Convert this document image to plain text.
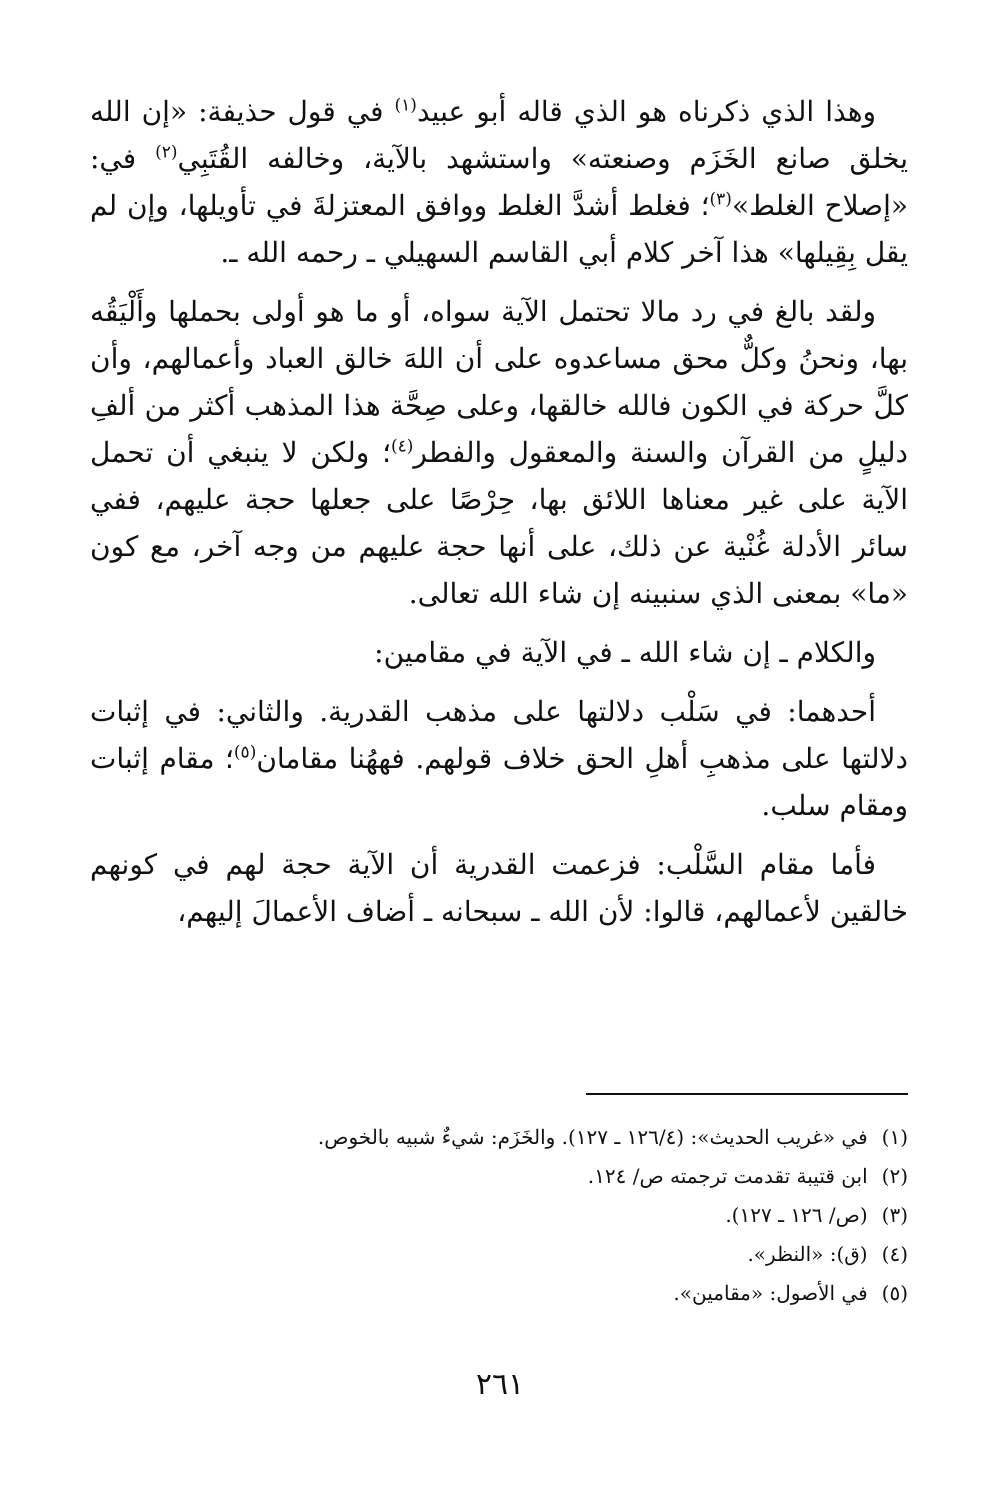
وهذا الذي ذكرناه هو الذي قاله أبو عبيد$^{(١)}$ في قول حذيفة: «إن الله يخلق صانع الخَزَم وصنعته» واستشهد بالآية، وخالفه القُتَبِي$^{(٢)}$ في: «إصلاح الغلط»$^{(٣)}$؛ فغلط أشدَّ الغلط ووافق المعتزلةَ في تأويلها، وإن لم يقل بِقِيلها» هذا آخر كلام أبي القاسم السهيلي ـ رحمه الله ـ.

ولقد بالغ في رد مالا تحتمل الآية سواه، أو ما هو أولى بحملها وأَلْيَقُه بها، ونحنُ وكلٌّ محق مساعدوه على أن اللهَ خالق العباد وأعمالهم، وأن كلَّ حركة في الكون فالله خالقها، وعلى صِحَّة هذا المذهب أكثر من ألفِ دليلٍ من القرآن والسنة والمعقول والفطر$^{(٤)}$؛ ولكن لا ينبغي أن تحمل الآية على غير معناها اللائق بها، حِرْصًا على جعلها حجة عليهم، ففي سائر الأدلة غُنْية عن ذلك، على أنها حجة عليهم من وجه آخر، مع كون «ما» بمعنى الذي سنبينه إن شاء الله تعالى.

والكلام ـ إن شاء الله ـ في الآية في مقامين:

أحدهما: في سَلْب دلالتها على مذهب القدرية. والثاني: في إثبات دلالتها على مذهبِ أهلِ الحق خلاف قولهم. فههُنا مقامان$^{(٥)}$؛ مقام إثبات ومقام سلب.

فأما مقام السَّلْب: فزعمت القدرية أن الآية حجة لهم في كونهم خالقين لأعمالهم، قالوا: لأن الله ـ سبحانه ـ أضاف الأعمالَ إليهم،

(١)في «غريب الحديث»: (١٢٦/٤ ـ ١٢٧). والخَزَم: شيءٌ شبيه بالخوص.
(٢)ابن قتيبة تقدمت ترجمته ص/ ١٢٤.
(٣)(ص/ ١٢٦ ـ ١٢٧).
(٤)(ق): «النظر».
(٥)في الأصول: «مقامين».
٢٦١
